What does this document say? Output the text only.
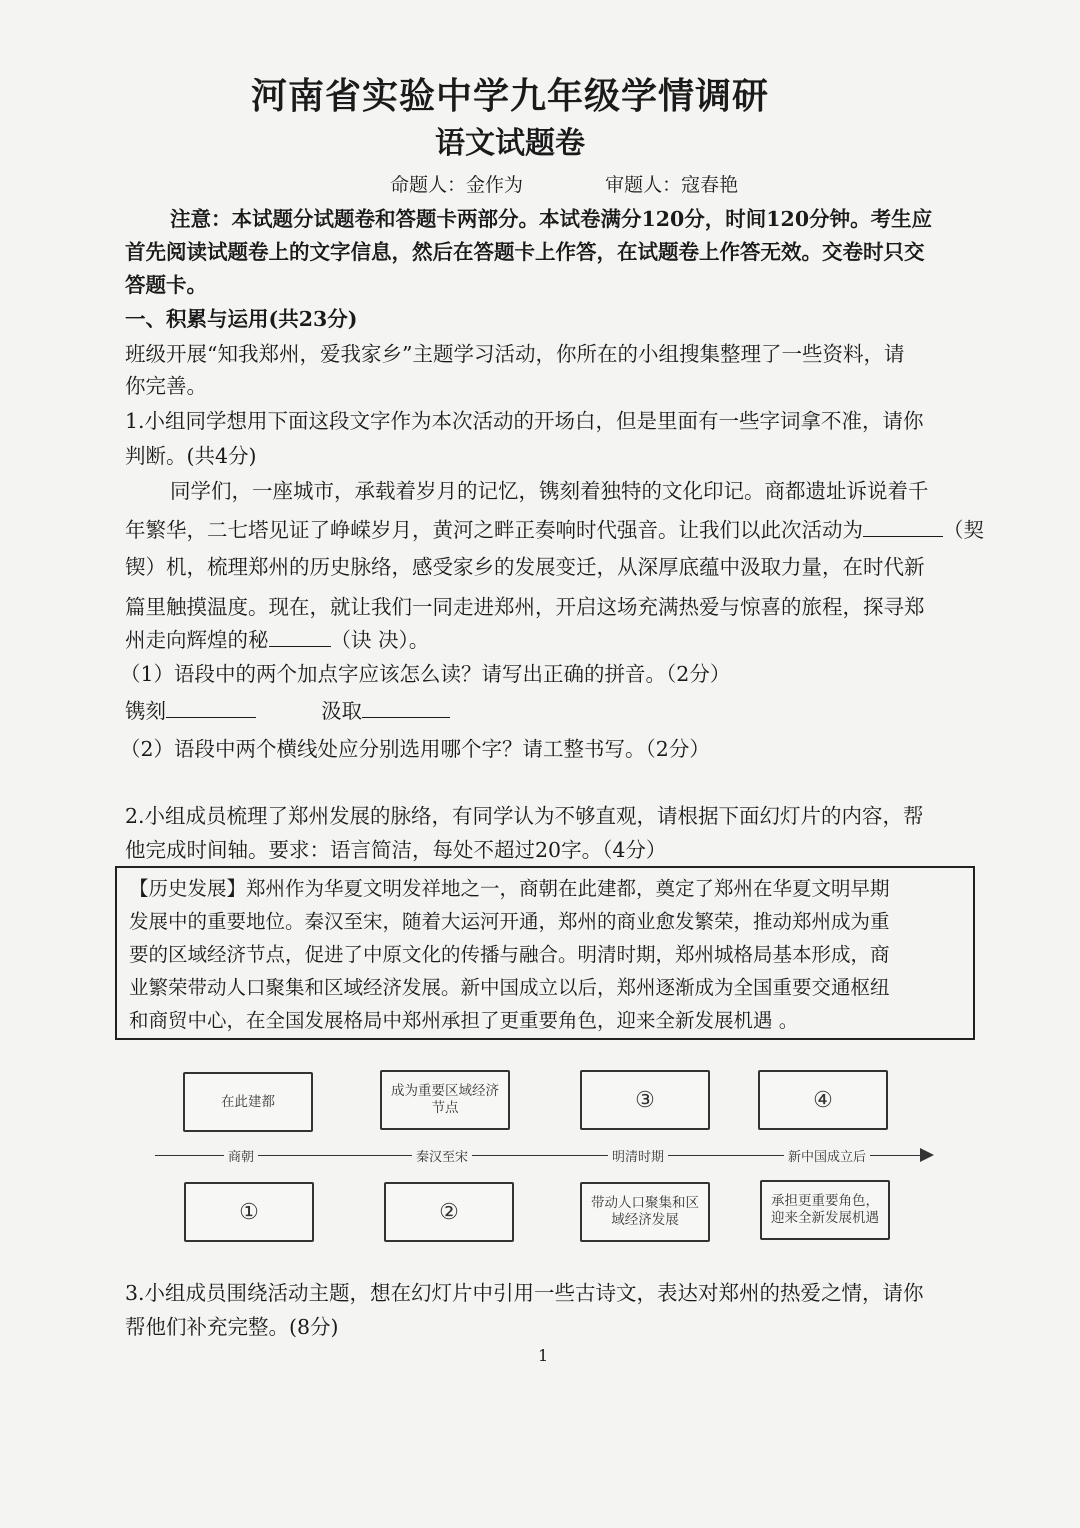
河南省实验中学九年级学情调研
语文试题卷
命题人：金作为	审题人：寇春艳
注意：本试题分试题卷和答题卡两部分。本试卷满分120分，时间120分钟。考生应
首先阅读试题卷上的文字信息，然后在答题卡上作答，在试题卷上作答无效。交卷时只交
答题卡。
一、积累与运用(共23分)
班级开展“知我郑州，爱我家乡”主题学习活动，你所在的小组搜集整理了一些资料，请
你完善。
1.小组同学想用下面这段文字作为本次活动的开场白，但是里面有一些字词拿不准，请你
判断。(共4分)
同学们，一座城市，承载着岁月的记忆，镌刻着独特的文化印记。商都遗址诉说着千
年繁华，二七塔见证了峥嵘岁月，黄河之畔正奏响时代强音。让我们以此次活动为	（契
锲）机，梳理郑州的历史脉络，感受家乡的发展变迁，从深厚底蕴中汲取力量，在时代新
篇里触摸温度。现在，就让我们一同走进郑州，开启这场充满热爱与惊喜的旅程，探寻郑
州走向辉煌的秘	（诀 决）。
（1）语段中的两个加点字应该怎么读？请写出正确的拼音。（2分）
镌刻	汲取
（2）语段中两个横线处应分别选用哪个字？请工整书写。（2分）
2.小组成员梳理了郑州发展的脉络，有同学认为不够直观，请根据下面幻灯片的内容，帮
他完成时间轴。要求：语言简洁，每处不超过20字。（4分）
【历史发展】郑州作为华夏文明发祥地之一，商朝在此建都，奠定了郑州在华夏文明早期
发展中的重要地位。秦汉至宋，随着大运河开通，郑州的商业愈发繁荣，推动郑州成为重
要的区域经济节点，促进了中原文化的传播与融合。明清时期，郑州城格局基本形成，商
业繁荣带动人口聚集和区域经济发展。新中国成立以后，郑州逐渐成为全国重要交通枢纽
和商贸中心，在全国发展格局中郑州承担了更重要角色，迎来全新发展机遇 。
在此建都
成为重要区域经济节点	③	④
商朝	秦汉至宋	明清时期	新中国成立后
①	②	带动人口聚集和区域经济发展
承担更重要角色，迎来全新发展机遇
3.小组成员围绕活动主题，想在幻灯片中引用一些古诗文，表达对郑州的热爱之情，请你
帮他们补充完整。(8分)
1
